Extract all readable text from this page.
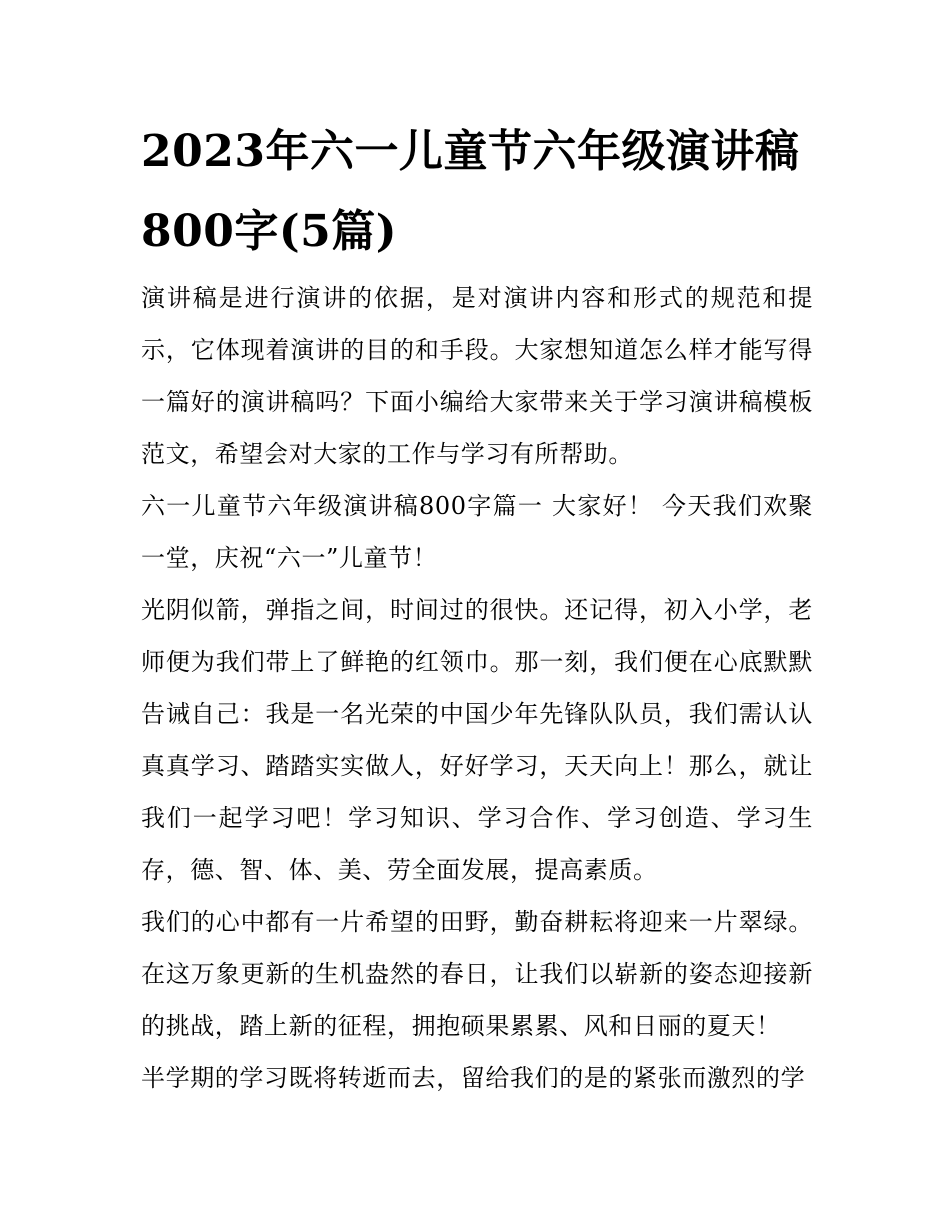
2023年六一儿童节六年级演讲稿800字(5篇)

演讲稿是进行演讲的依据，是对演讲内容和形式的规范和提示，它体现着演讲的目的和手段。大家想知道怎么样才能写得一篇好的演讲稿吗？下面小编给大家带来关于学习演讲稿模板范文，希望会对大家的工作与学习有所帮助。

六一儿童节六年级演讲稿800字篇一 大家好！ 今天我们欢聚一堂，庆祝“六一”儿童节！

光阴似箭，弹指之间，时间过的很快。还记得，初入小学，老师便为我们带上了鲜艳的红领巾。那一刻，我们便在心底默默告诫自己：我是一名光荣的中国少年先锋队队员，我们需认认真真学习、踏踏实实做人，好好学习，天天向上！那么，就让我们一起学习吧！学习知识、学习合作、学习创造、学习生存，德、智、体、美、劳全面发展，提高素质。

我们的心中都有一片希望的田野，勤奋耕耘将迎来一片翠绿。在这万象更新的生机盎然的春日，让我们以崭新的姿态迎接新的挑战，踏上新的征程，拥抱硕果累累、风和日丽的夏天！

半学期的学习既将转逝而去，留给我们的是的紧张而激烈的学
